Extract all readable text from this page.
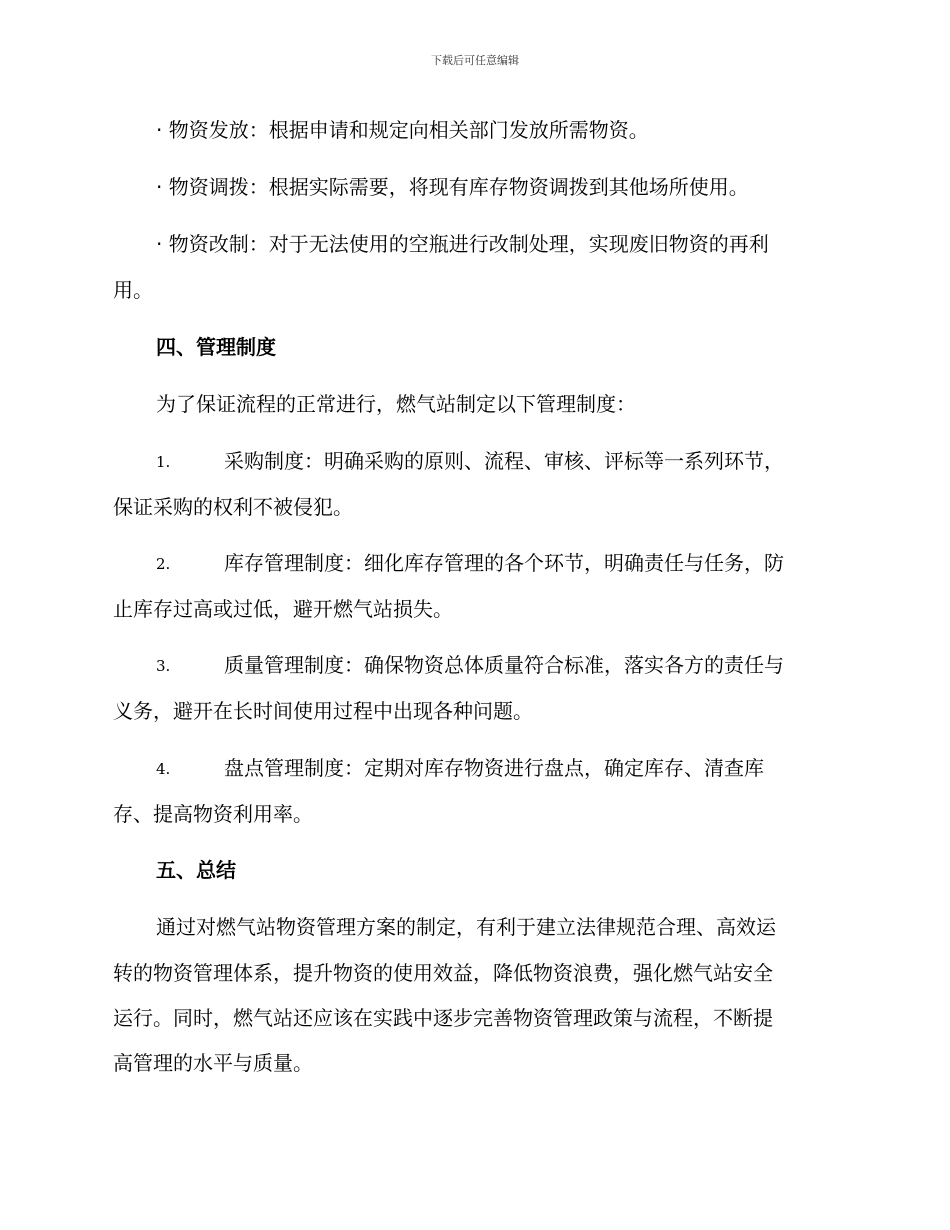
下载后可任意编辑
· 物资发放：根据申请和规定向相关部门发放所需物资。
· 物资调拨：根据实际需要，将现有库存物资调拨到其他场所使用。
· 物资改制：对于无法使用的空瓶进行改制处理，实现废旧物资的再利
用。
四、管理制度
为了保证流程的正常进行，燃气站制定以下管理制度：
1.	采购制度：明确采购的原则、流程、审核、评标等一系列环节，
保证采购的权利不被侵犯。
2.	库存管理制度：细化库存管理的各个环节，明确责任与任务，防
止库存过高或过低，避开燃气站损失。
3.	质量管理制度：确保物资总体质量符合标准，落实各方的责任与
义务，避开在长时间使用过程中出现各种问题。
4.	盘点管理制度：定期对库存物资进行盘点，确定库存、清查库
存、提高物资利用率。
五、总结
通过对燃气站物资管理方案的制定，有利于建立法律规范合理、高效运
转的物资管理体系，提升物资的使用效益，降低物资浪费，强化燃气站安全
运行。同时，燃气站还应该在实践中逐步完善物资管理政策与流程，不断提
高管理的水平与质量。
